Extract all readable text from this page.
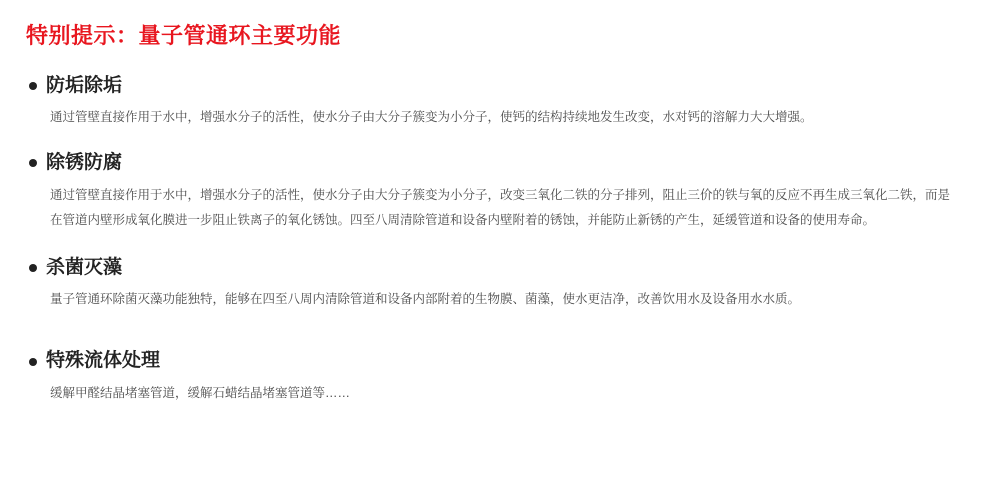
特别提示：量子管通环主要功能
防垢除垢

通过管壁直接作用于水中，增强水分子的活性，使水分子由大分子簇变为小分子，使钙的结构持续地发生改变，水对钙的溶解力大大增强。

除锈防腐

通过管壁直接作用于水中，增强水分子的活性，使水分子由大分子簇变为小分子，改变三氧化二铁的分子排列，阻止三价的铁与氧的反应不再生成三氧化二铁，而是在管道内壁形成氧化膜进一步阻止铁离子的氧化锈蚀。四至八周清除管道和设备内壁附着的锈蚀，并能防止新锈的产生，延缓管道和设备的使用寿命。

杀菌灭藻

量子管通环除菌灭藻功能独特，能够在四至八周内清除管道和设备内部附着的生物膜、菌藻，使水更洁净，改善饮用水及设备用水水质。

特殊流体处理

缓解甲醛结晶堵塞管道，缓解石蜡结晶堵塞管道等……
